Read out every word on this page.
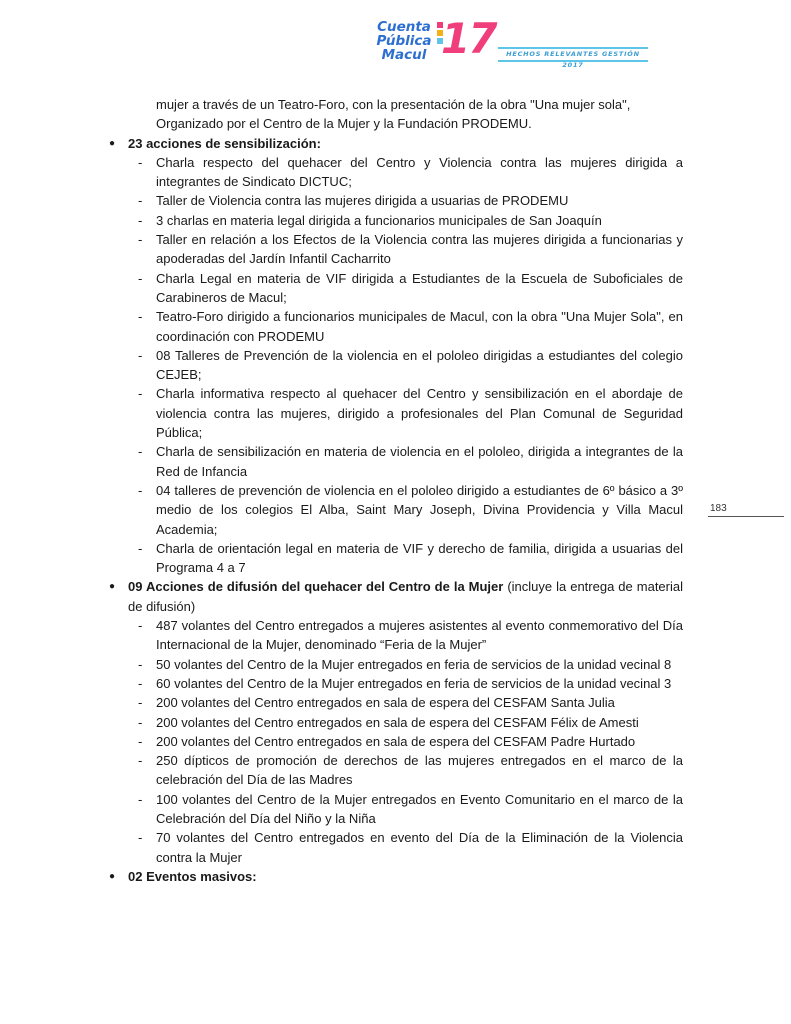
Cuenta
Pública
Macul 17	HECHOS RELEVANTES GESTIÓN 2017
183
mujer a través de un Teatro-Foro, con la presentación de la obra "Una mujer sola", Organizado por el Centro de la Mujer y la Fundación PRODEMU.
● 23 acciones de sensibilización:
- Charla respecto del quehacer del Centro y Violencia contra las mujeres dirigida a integrantes de Sindicato DICTUC;
- Taller de Violencia contra las mujeres dirigida a usuarias de PRODEMU
- 3 charlas en materia legal dirigida a funcionarios municipales de San Joaquín
- Taller en relación a los Efectos de la Violencia contra las mujeres dirigida a funcionarias y apoderadas del Jardín Infantil Cacharrito
- Charla Legal en materia de VIF dirigida a Estudiantes de la Escuela de Suboficiales de Carabineros de Macul;
- Teatro-Foro dirigido a funcionarios municipales de Macul, con la obra "Una Mujer Sola", en coordinación con PRODEMU
- 08 Talleres de Prevención de la violencia en el pololeo dirigidas a estudiantes del colegio CEJEB;
- Charla informativa respecto al quehacer del Centro y sensibilización en el abordaje de violencia contra las mujeres, dirigido a profesionales del Plan Comunal de Seguridad Pública;
- Charla de sensibilización en materia de violencia en el pololeo, dirigida a integrantes de la Red de Infancia
- 04 talleres de prevención de violencia en el pololeo dirigido a estudiantes de 6º básico a 3º medio de los colegios El Alba, Saint Mary Joseph, Divina Providencia y Villa Macul Academia;
- Charla de orientación legal en materia de VIF y derecho de familia, dirigida a usuarias del Programa 4 a 7
● 09 Acciones de difusión del quehacer del Centro de la Mujer (incluye la entrega de material de difusión)
- 487 volantes del Centro entregados a mujeres asistentes al evento conmemorativo del Día Internacional de la Mujer, denominado “Feria de la Mujer”
- 50 volantes del Centro de la Mujer entregados en feria de servicios de la unidad vecinal 8
- 60 volantes del Centro de la Mujer entregados en feria de servicios de la unidad vecinal 3
- 200 volantes del Centro entregados en sala de espera del CESFAM Santa Julia
- 200 volantes del Centro entregados en sala de espera del CESFAM Félix de Amesti
- 200 volantes del Centro entregados en sala de espera del CESFAM Padre Hurtado
- 250 dípticos de promoción de derechos de las mujeres entregados en el marco de la celebración del Día de las Madres
- 100 volantes del Centro de la Mujer entregados en Evento Comunitario en el marco de la Celebración del Día del Niño y la Niña
- 70 volantes del Centro entregados en evento del Día de la Eliminación de la Violencia contra la Mujer
● 02 Eventos masivos:
